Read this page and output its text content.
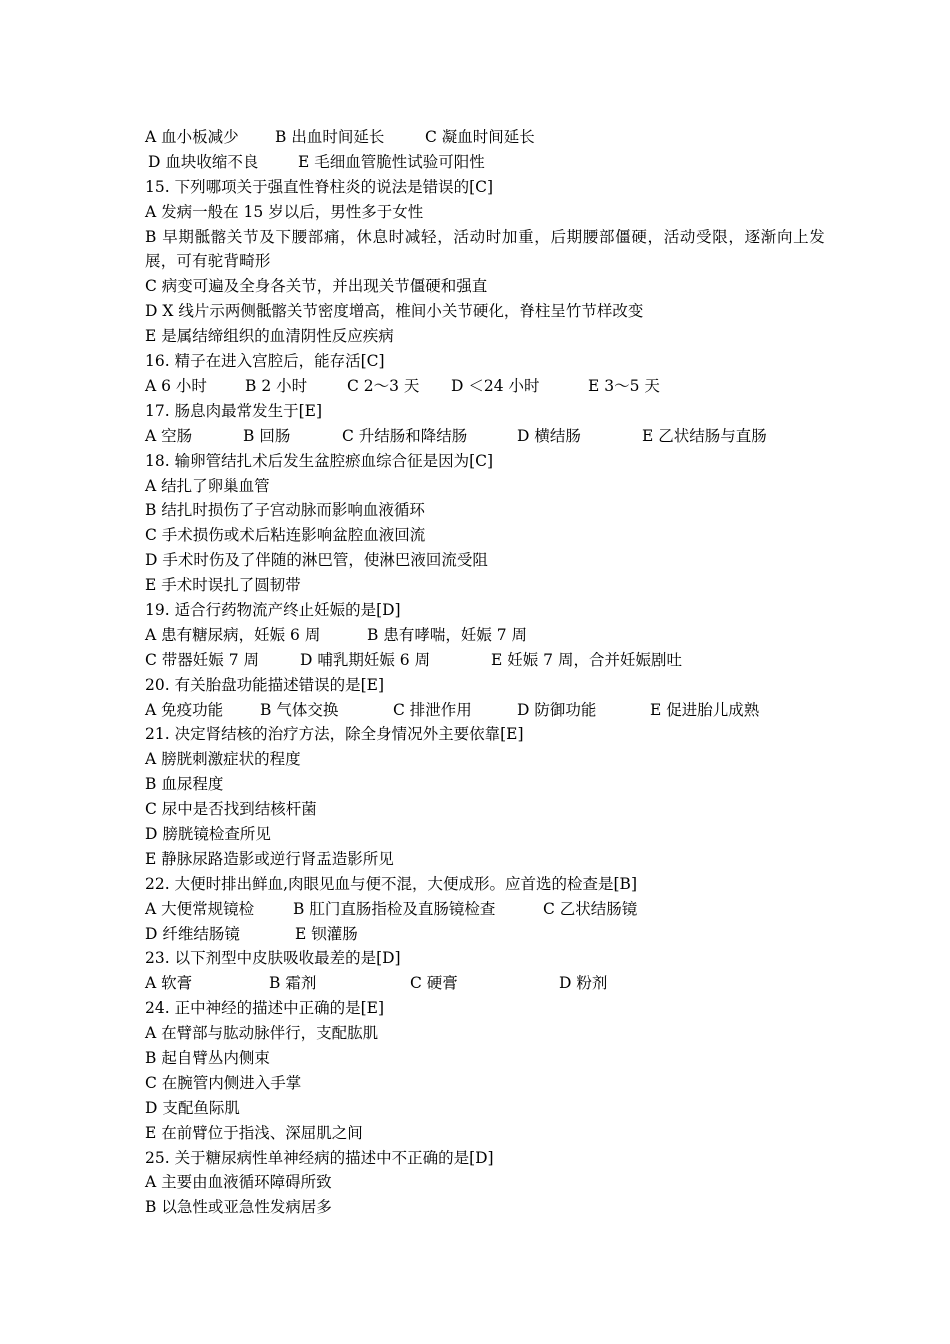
A 血小板减少	B 出血时间延长	C 凝血时间延长
D 血块收缩不良	E 毛细血管脆性试验可阳性
15. 下列哪项关于强直性脊柱炎的说法是错误的[C]
A 发病一般在 15 岁以后，男性多于女性
B 早期骶髂关节及下腰部痛，休息时减轻，活动时加重，后期腰部僵硬，活动受限，逐渐向上发展，可有驼背畸形
C 病变可遍及全身各关节，并出现关节僵硬和强直
D X 线片示两侧骶髂关节密度增高，椎间小关节硬化，脊柱呈竹节样改变
E 是属结缔组织的血清阴性反应疾病
16. 精子在进入宫腔后，能存活[C]
A 6 小时	B 2 小时	C 2～3 天	D ＜24 小时	E 3～5 天
17. 肠息肉最常发生于[E]
A 空肠	B 回肠	C 升结肠和降结肠	D 横结肠	E 乙状结肠与直肠
18. 输卵管结扎术后发生盆腔瘀血综合征是因为[C]
A 结扎了卵巢血管
B 结扎时损伤了子宫动脉而影响血液循环
C 手术损伤或术后粘连影响盆腔血液回流
D 手术时伤及了伴随的淋巴管，使淋巴液回流受阻
E 手术时误扎了圆韧带
19. 适合行药物流产终止妊娠的是[D]
A 患有糖尿病，妊娠 6 周	B 患有哮喘，妊娠 7 周
C 带器妊娠 7 周	D 哺乳期妊娠 6 周	E 妊娠 7 周，合并妊娠剧吐
20. 有关胎盘功能描述错误的是[E]
A 免疫功能	B 气体交换	C 排泄作用	D 防御功能	E 促进胎儿成熟
21. 决定肾结核的治疗方法，除全身情况外主要依靠[E]
A 膀胱刺激症状的程度
B 血尿程度
C 尿中是否找到结核杆菌
D 膀胱镜检查所见
E 静脉尿路造影或逆行肾盂造影所见
22. 大便时排出鲜血,肉眼见血与便不混，大便成形。应首选的检查是[B]
A 大便常规镜检	B 肛门直肠指检及直肠镜检查	C 乙状结肠镜
D 纤维结肠镜	E 钡灌肠
23. 以下剂型中皮肤吸收最差的是[D]
A 软膏	B 霜剂	C 硬膏	D 粉剂
24. 正中神经的描述中正确的是[E]
A 在臂部与肱动脉伴行，支配肱肌
B 起自臂丛内侧束
C 在腕管内侧进入手掌
D 支配鱼际肌
E 在前臂位于指浅、深屈肌之间
25. 关于糖尿病性单神经病的描述中不正确的是[D]
A 主要由血液循环障碍所致
B 以急性或亚急性发病居多
